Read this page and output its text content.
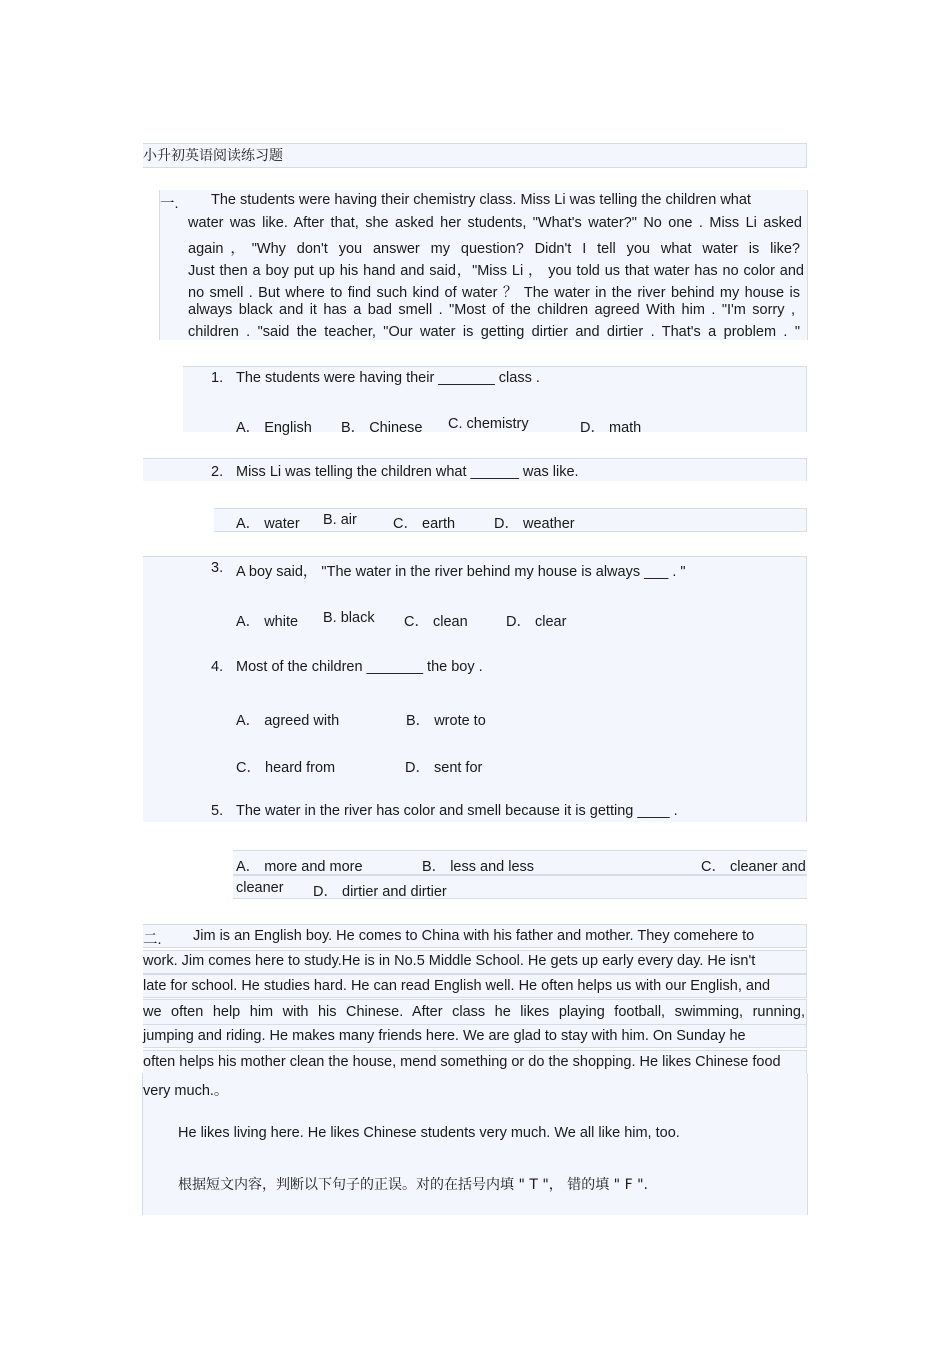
小升初英语阅读练习题
一. The students were having their chemistry class. Miss Li was telling the children what
water was like. After that, she asked her students, "What's water?" No one . Miss Li asked
again，"Why don't you answer my question? Didn't I tell you what water is like?
Just then a boy put up his hand and said，"Miss Li ， you told us that water has no color and
no smell . But where to find such kind of water ？ The water in the river behind my house is
always black and it has a bad smell . "Most of the children agreed With him . "I'm sorry ,
children . "said the teacher, "Our water is getting dirtier and dirtier . That's a problem . "
1. The students were having their _______ class .
A． English B． Chinese C. chemistry	D． math
2. Miss Li was telling the children what ______ was like.
A． water B. air C． earth	D． weather
3. A boy said， "The water in the river behind my house is always ___ . "
A． white B. black C． clean	D． clear
4. Most of the children _______ the boy .
A． agreed with	B． wrote to
C． heard from	D． sent for
5. The water in the river has color and smell because it is getting ____ .
A． more and more	B． less and less	C． cleaner and
cleaner D． dirtier and dirtier
二. Jim is an English boy. He comes to China with his father and mother. They comehere to
work. Jim comes here to study.He is in No.5 Middle School. He gets up early every day. He isn't
late for school. He studies hard. He can read English well. He often helps us with our English, and
we often help him with his Chinese. After class he likes playing football, swimming, running,
jumping and riding. He makes many friends here. We are glad to stay with him. On Sunday he
often helps his mother clean the house, mend something or do the shopping. He likes Chinese food
very much.。
He likes living here. He likes Chinese students very much. We all like him, too.
根据短文内容，判断以下句子的正误。对的在括号内填 " T "， 错的填 " F ".
